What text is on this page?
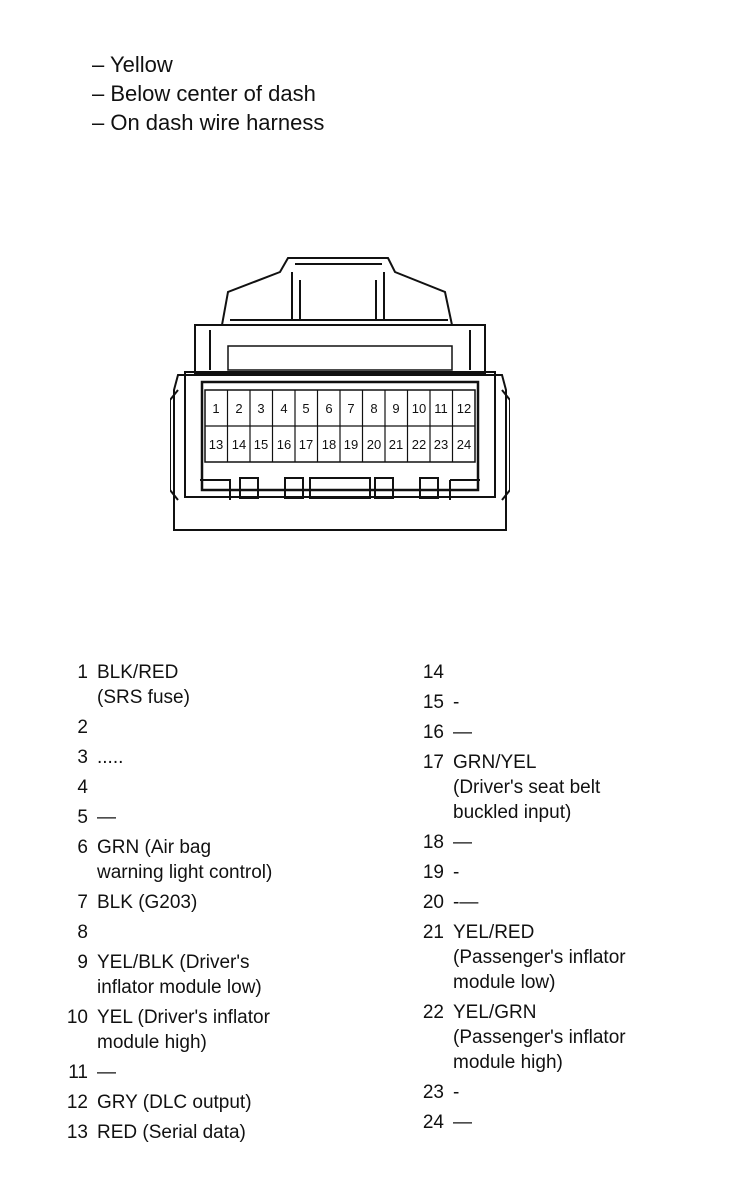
– Yellow
– Below center of dash
– On dash wire harness
1 2 3 4 5 6 7 8 9 10 11 12
13 14 15 16 17 18 19 20 21 22 23 24
1 BLK/RED
(SRS fuse)
2
3 .....
4
5 —
6 GRN (Air bag
warning light control)
7 BLK (G203)
8
9 YEL/BLK (Driver's
inflator module low)
10 YEL (Driver's inflator
module high)
11 —
12 GRY (DLC output)
13 RED (Serial data)
14
15 -
16 —
17 GRN/YEL
(Driver's seat belt
buckled input)
18 —
19 -
20 -—
21 YEL/RED
(Passenger's inflator
module low)
22 YEL/GRN
(Passenger's inflator
module high)
23 -
24 —
